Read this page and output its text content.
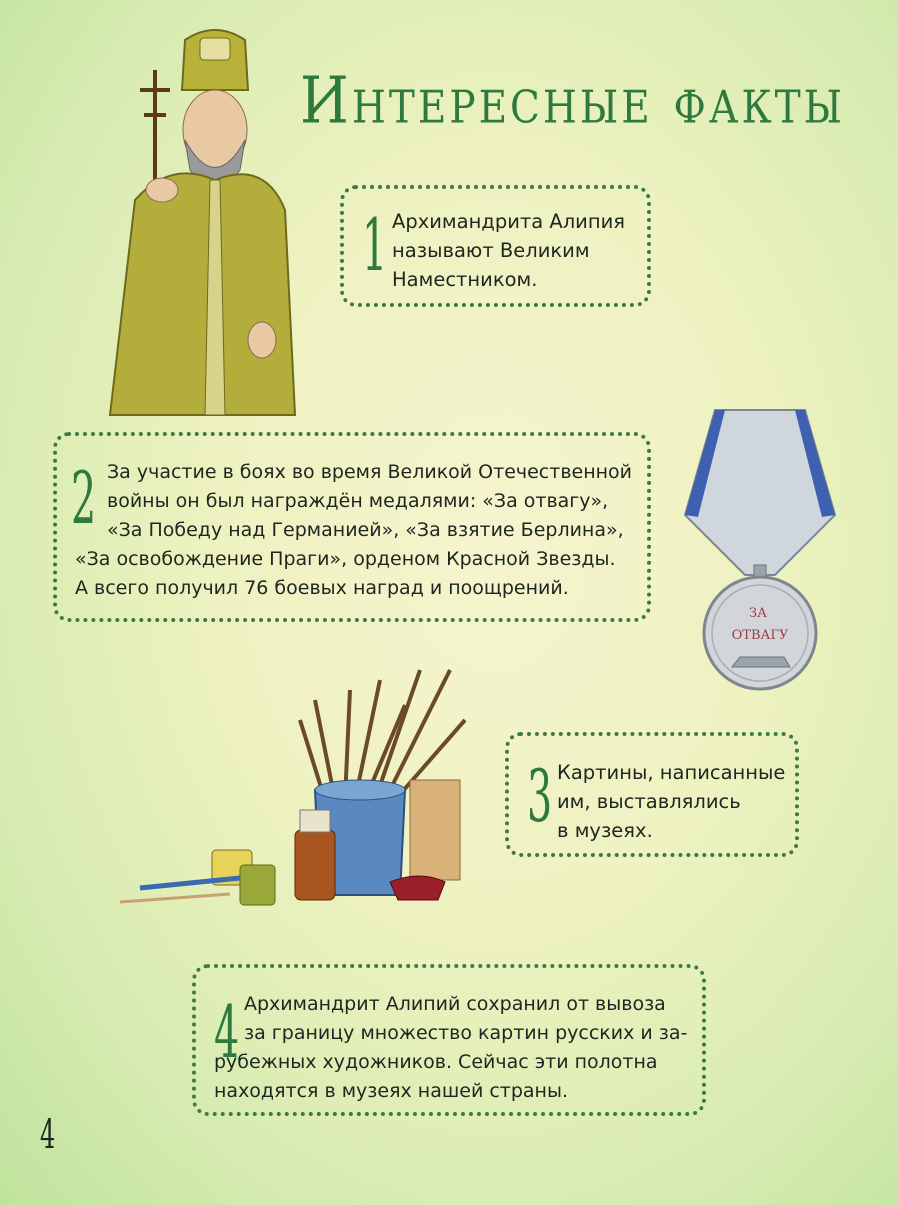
Интересные факты
1 Архимандрита Алипия
называют Великим
Наместником.
2 За участие в боях во время Великой Отечественной
войны он был награждён медалями: «За отвагу»,
«За Победу над Германией», «За взятие Берлина»,
«За освобождение Праги», орденом Красной Звезды.
А всего получил 76 боевых наград и поощрений.
ЗА
ОТВАГУ
3 Картины, написанные
им, выставлялись
в музеях.
4 Архимандрит Алипий сохранил от вывоза
за границу множество картин русских и за-
рубежных художников. Сейчас эти полотна
находятся в музеях нашей страны.
4
